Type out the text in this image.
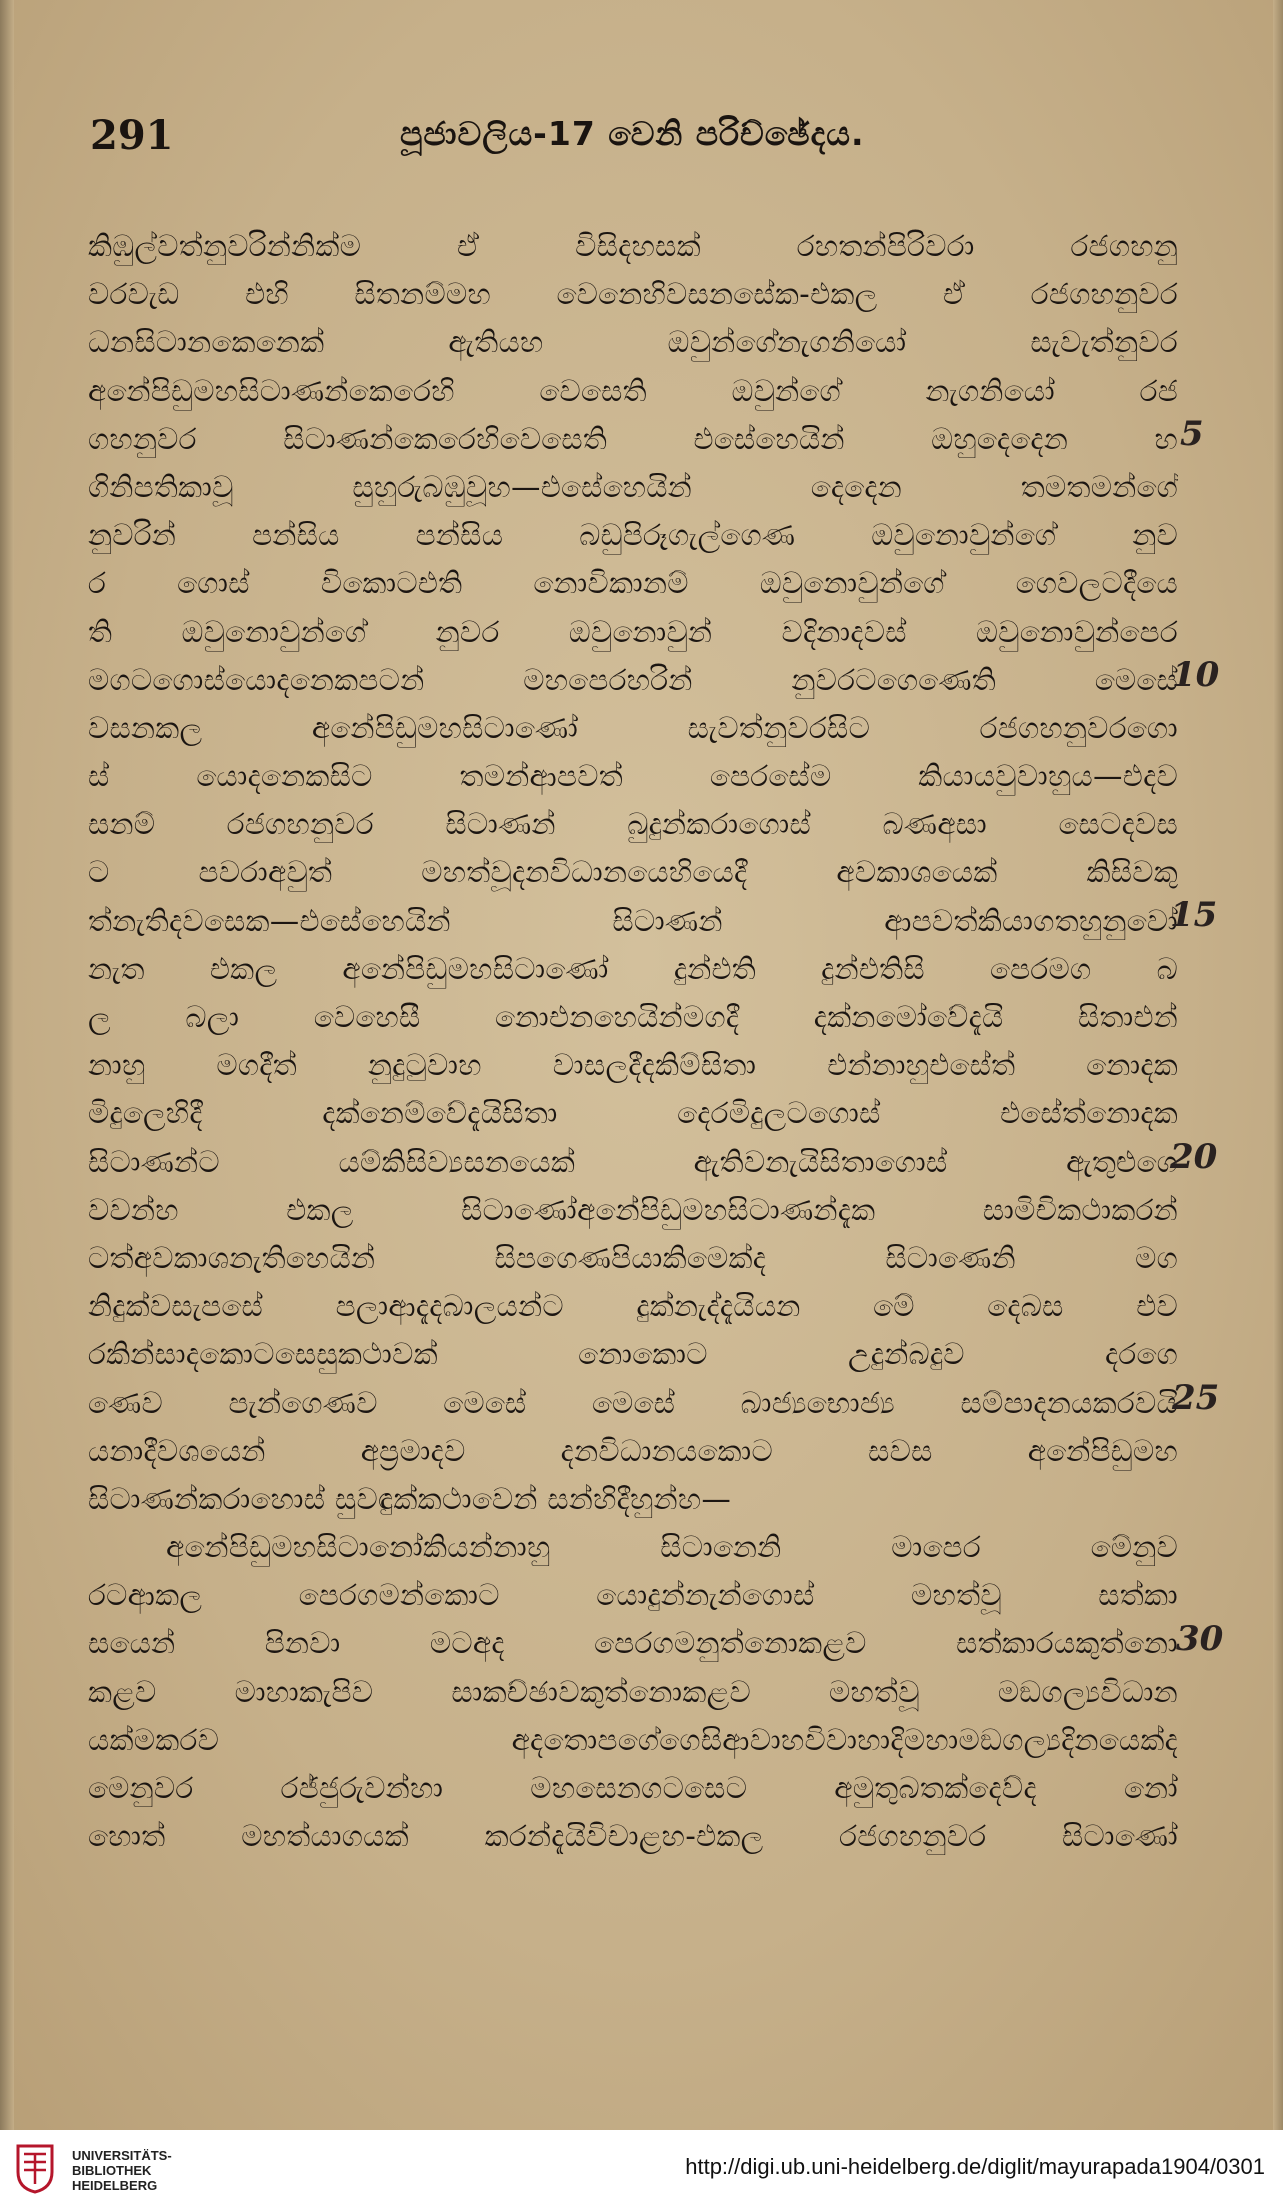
291	පූජාවලිය-17 වෙනි පරිච්ඡේදය.
කිඹුල්වත්නුවරින්නික්ම ඒ විසිදහසක් රහතන්පිරිවරා රජගහනු
වරවැඩ එහි සිතනම්මහ වෙනෙහිවසනසේක-එකල ඒ රජගහනුවර
ධනසිටානකෙනෙක් ඇතියහ ඔවුන්ගේනැගනියෝ සැවැත්නුවර
අනේපිඩුමහසිටාණන්කෙරෙහි වෙසෙති ඔවුන්ගේ නැගනියෝ රජ
ගහනුවර සිටාණන්කෙරෙහිවෙසෙති එසේහෙයින් ඔහුදෙදෙන හ
ගිනිපතිකාවූ සුහුරුබඹුවූහ—එසේහෙයින් දෙදෙන තමතමන්ගේ
නුවරින් පන්සිය පන්සිය බඩුපිරූගැල්ගෙණ ඔවුනොවුන්ගේ නුව
ර ගොස් විකොටඑති නොවිකානම් ඔවුනොවුන්ගේ ගෙවලටදීයෙ
ති ඔවුනොවුන්ගේ නුවර ඔවුනොවුන් වදිනාදවස් ඔවුනොවුන්පෙර
මගටගොස්යොදනෙකපටන් මහපෙරහරින් නුවරටගෙණෙති මෙසේ
වසනකල අනේපිඩුමහසිටාණෝ සැවත්නුවරසිට රජගහනුවරගො
ස් යොදනෙකසිට තමන්ආපවත් පෙරසේම කියායවුවාහුය—එදව
සනම් රජගහනුවර සිටාණන් බුදුන්කරාගොස් බණඅසා සෙටදවස
ට පවරාඅවුත් මහත්වූදනවිධානයෙහියෙදී අවකාශයෙක් කිසිවකු
ත්නැතිදවසෙක—එසේහෙයින් සිටාණන් ආපවත්කියාගතහුනුවෝ
නැත එකල අනේපිඩුමහසිටාණෝ දුන්එති දුන්එතිසි පෙරමග බ
ල බලා වෙහෙසී නොඑනහෙයින්මගදී දක්නමෝවේදැයි සිතාඑන්
නාහු මගදීත් නුදුටුවාහ වාසලදීදකිම්සිතා එන්නාහුඑසේත් නොදක
මිදුලෙහිදී දක්නෙම්වේදැයිසිතා දෙරමිදුලටගොස් එසේත්නොදක
සිටාණන්ට යම්කිසිව්‍යසනයෙක් ඇතිවනැයිසිතාගොස් ඇතුළුගෙ
වවන්හ එකල සිටාණෝඅනේපිඩුමහසිටාණන්දැක සාමිචිකථාකරන්
ටත්අවකාශනැතිහෙයින් සිපගෙණපියාකිමෙක්ද සිටාණෙනි මග
නිදුක්වසැපසේ පලාආදැදබාලයන්ට දුක්නැද්දැයියන මේ දෙබස එව
රකින්සාදකොටසෙසුකථාවක් නොකොට උදුන්බදුව දරගෙ
ණෙව පැන්ගෙණව මෙසේ මෙසේ බාජ්‍යභොජ්‍ය සම්පාදනයකරවයි
යනාදීවශයෙන් අප්‍රමාදව දනවිධානයකොට සවස අනේපිඩුමහ
සිටාණන්කරාහොස් සුවඳුක්කථාවෙන් සන්හිදීහුන්හ—
අනේපිඩුමහසිටානෝකියන්නාහු සිටානෙනි මාපෙර මේනුව
රටආකල පෙරගමන්කොට යොදුන්නැන්ගොස් මහත්වූ සත්කා
සයෙන් පිනවා මටඅද පෙරගමනුත්නොකළව සත්කාරයකුත්නො
කළව මාහාකැපිව සාකච්ඡාවකුත්නොකළව මහත්වූ මඞගල්‍යවිධාන
යක්මකරව අදතොපගේගෙසිආවාහවිවාහාදිමහාමඞගල්‍යදිනයෙක්ද
මෙනුවර රජ්ජුරුවන්හා මහසෙනගටසෙට අමුතුබතක්දෙව්ද නෝ
හොත් මහත්යාගයක් කරන්දැයිවිචාළහ-එකල රජගහනුවර සිටාණෝ
5
10
15
20
25
30
UNIVERSITÄTS-
BIBLIOTHEK
HEIDELBERG
http://digi.ub.uni-heidelberg.de/diglit/mayurapada1904/0301
